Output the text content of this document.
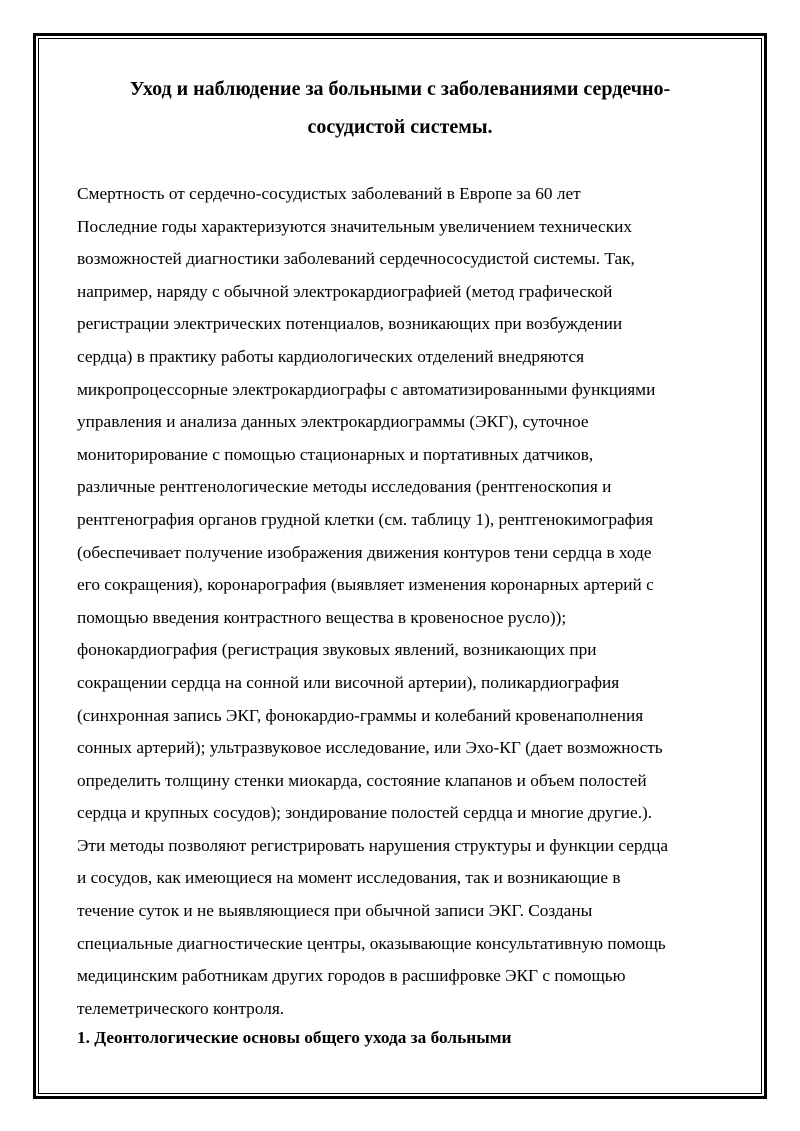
Уход и наблюдение за больными с заболеваниями сердечно-
сосудистой системы.
Смертность от сердечно-сосудистых заболеваний в Европе за 60 лет
Последние годы характеризуются значительным увеличением технических
возможностей диагностики заболеваний сердечнососудистой системы. Так,
например, наряду с обычной электрокардиографией (метод графической
регистрации электрических потенциалов, возникающих при возбуждении
сердца) в практику работы кардиологических отделений внедряются
микропроцессорные электрокардиографы с автоматизированными функциями
управления и анализа данных электрокардиограммы (ЭКГ), суточное
мониторирование с помощью стационарных и портативных датчиков,
различные рентгенологические методы исследования (рентгеноскопия и
рентгенография органов грудной клетки (см. таблицу 1), рентгенокимография
(обеспечивает получение изображения движения контуров тени сердца в ходе
его сокращения), коронарография (выявляет изменения коронарных артерий с
помощью введения контрастного вещества в кровеносное русло));
фонокардиография (регистрация звуковых явлений, возникающих при
сокращении сердца на сонной или височной артерии), поликардиография
(синхронная запись ЭКГ, фонокардио-граммы и колебаний кровенаполнения
сонных артерий); ультразвуковое исследование, или Эхо-КГ (дает возможность
определить толщину стенки миокарда, состояние клапанов и объем полостей
сердца и крупных сосудов); зондирование полостей сердца и многие другие.).
Эти методы позволяют регистрировать нарушения структуры и функции сердца
и сосудов, как имеющиеся на момент исследования, так и возникающие в
течение суток и не выявляющиеся при обычной записи ЭКГ. Созданы
специальные диагностические центры, оказывающие консультативную помощь
медицинским работникам других городов в расшифровке ЭКГ с помощью
телеметрического контроля.
1. Деонтологические основы общего ухода за больными
